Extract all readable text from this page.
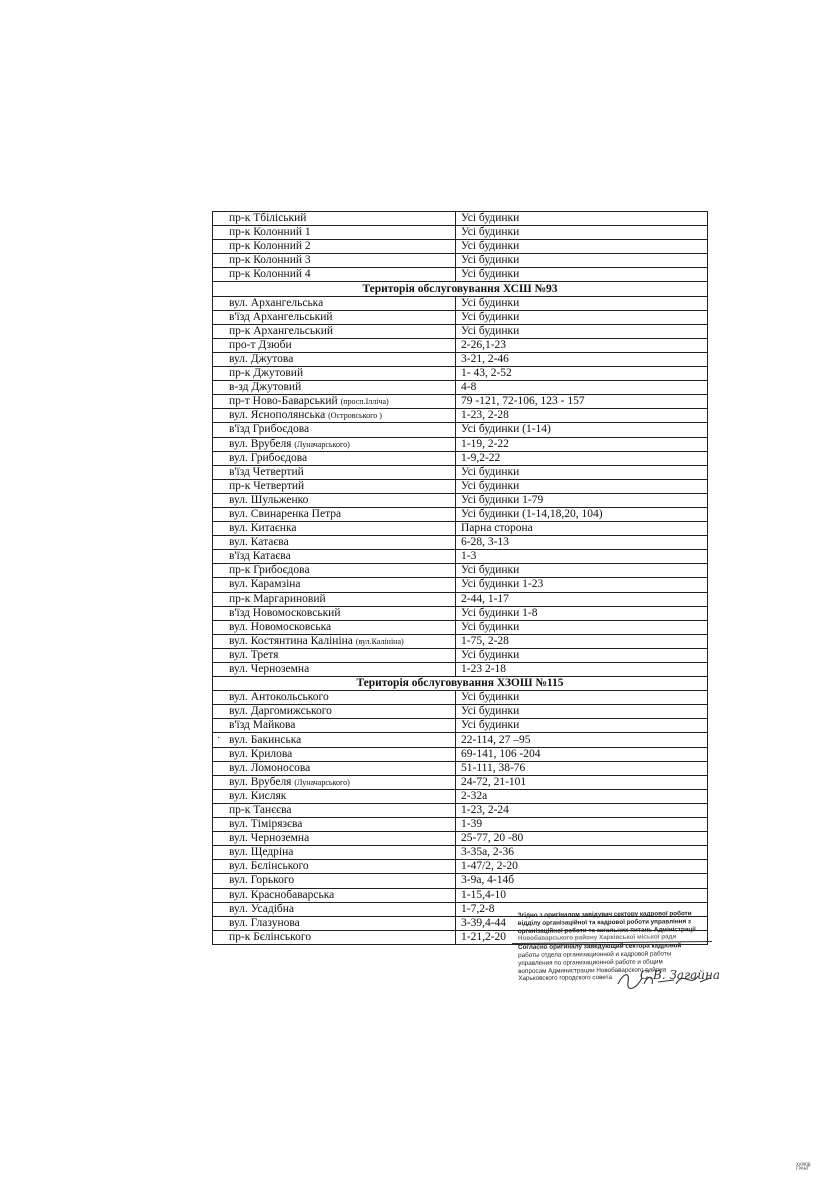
пр-к Тбіліський	Усі будинки
пр-к Колонний 1	Усі будинки
пр-к Колонний 2	Усі будинки
пр-к Колонний 3	Усі будинки
пр-к Колонний 4	Усі будинки
Територія обслуговування ХСШ №93	
вул. Архангельська	Усі будинки
в'їзд Архангельський	Усі будинки
пр-к Архангельський	Усі будинки
про-т Дзюби	2-26,1-23
вул. Джутова	3-21, 2-46
пр-к Джутовий	1- 43, 2-52
в-зд Джутовий	4-8
пр-т Ново-Баварський (просп.Ілліча)	79 -121, 72-106, 123 - 157
вул. Яснополянська (Островського )	1-23, 2-28
в'їзд Грибоєдова	Усі будинки (1-14)
вул. Врубеля (Луначарського)	1-19, 2-22
вул. Грибоєдова	1-9,2-22
в'їзд Четвертий	Усі будинки
пр-к Четвертий	Усі будинки
вул. Шульженко	Усі будинки 1-79
вул. Свинаренка Петра	Усі будинки (1-14,18,20, 104)
вул. Китаєнка	Парна сторона
вул. Катаєва	6-28, 3-13
в'їзд Катаєва	1-3
пр-к Грибоєдова	Усі будинки
вул. Карамзіна	Усі будинки 1-23
пр-к Маргариновий	2-44, 1-17
в'їзд Новомосковський	Усі будинки 1-8
вул. Новомосковська	Усі будинки
вул. Костянтина Калініна (вул.Калініна)	1-75, 2-28
вул. Третя	Усі будинки
вул. Черноземна	1-23 2-18
Територія обслуговування ХЗОШ №115	
вул. Антокольського	Усі будинки
вул. Даргомижського	Усі будинки
в'їзд Майкова	Усі будинки
вул. Бакинська	22-114, 27 –95
вул. Крилова	69-141, 106 -204
вул. Ломоносова	51-111, 38-76
вул. Врубеля (Луначарського)	24-72, 21-101
вул. Кисляк	2-32а
пр-к Танєєва	1-23, 2-24
вул. Тімірязєва	1-39
вул. Черноземна	25-77, 20 -80
вул. Щедріна	3-35а, 2-36
вул. Бєлінського	1-47/2, 2-20
вул. Горького	3-9а, 4-14б
вул. Краснобаварська	1-15,4-10
вул. Усадібна	1-7,2-8
вул. Глазунова	3-39,4-44
пр-к Бєлінського	1-21,2-20
·
Згідно з оригіналом завідувач сектору кадрової роботи
відділу організаційної та кадрової роботи управління з
організаційної роботи та загальних питань Адміністрації
Новобаварського району Харківської міської ради
Согласно оригиналу заведующий сектора кадровой
работы отдела организационной и кадровой работы
управления по организационной работе и общим
вопросам Администрации Новобаварского района
Харьковского городского совета	С.В. Загайна
ХАРКІВ
ГРАНТ
